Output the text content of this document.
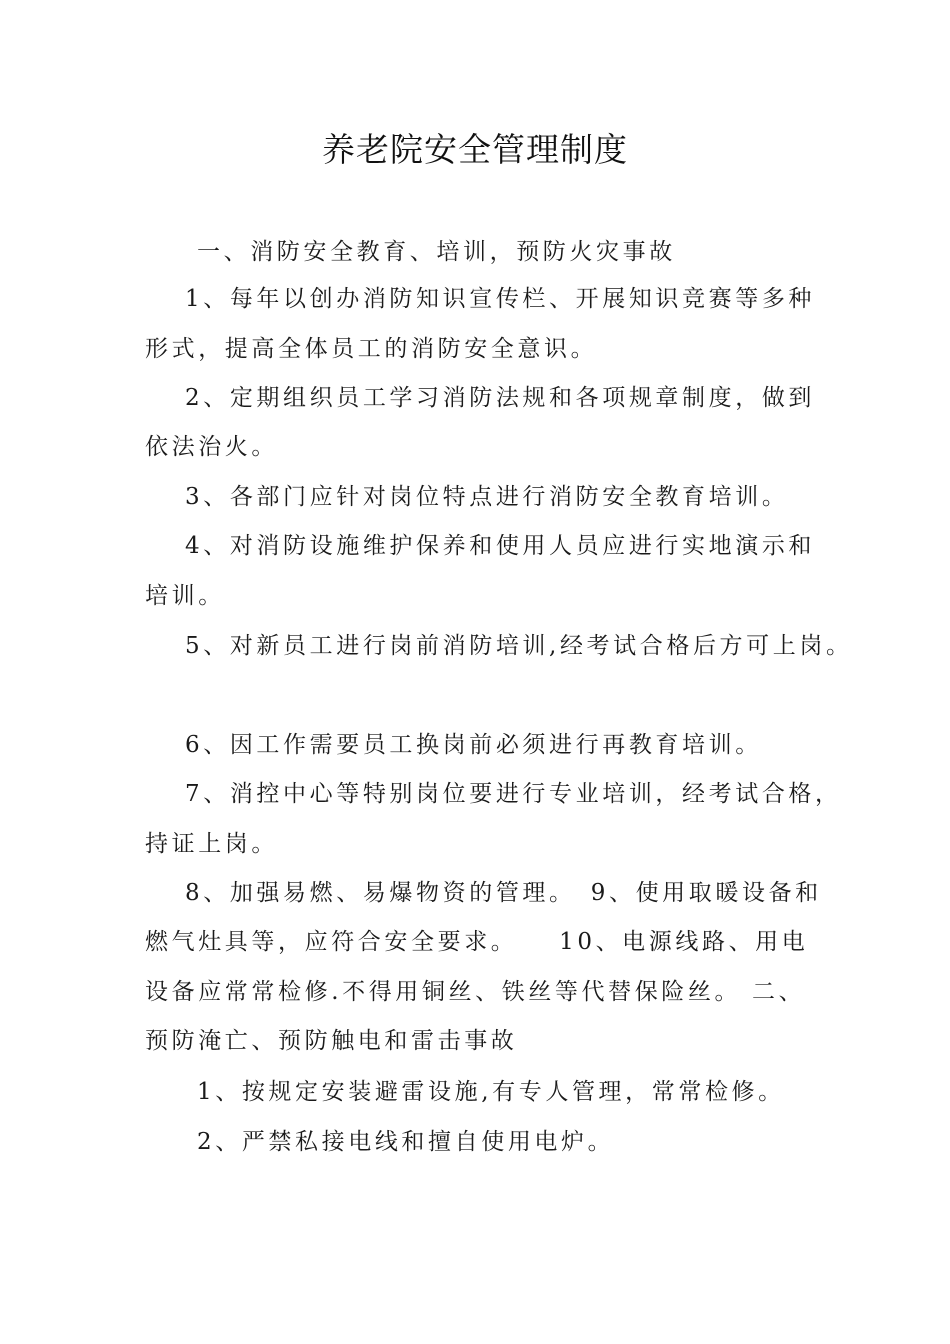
养老院安全管理制度
一、消防安全教育、培训，预防火灾事故
1、每年以创办消防知识宣传栏、开展知识竞赛等多种
形式，提高全体员工的消防安全意识。
2、定期组织员工学习消防法规和各项规章制度，做到
依法治火。
3、各部门应针对岗位特点进行消防安全教育培训。
4、对消防设施维护保养和使用人员应进行实地演示和
培训。
5、对新员工进行岗前消防培训,经考试合格后方可上岗。
6、因工作需要员工换岗前必须进行再教育培训。
7、消控中心等特别岗位要进行专业培训，经考试合格，
持证上岗。
8、加强易燃、易爆物资的管理。　9、使用取暖设备和
燃气灶具等，应符合安全要求。　　10、电源线路、用电
设备应常常检修.不得用铜丝、铁丝等代替保险丝。 二、
预防淹亡、预防触电和雷击事故
1、按规定安装避雷设施,有专人管理，常常检修。
2、严禁私接电线和擅自使用电炉。
